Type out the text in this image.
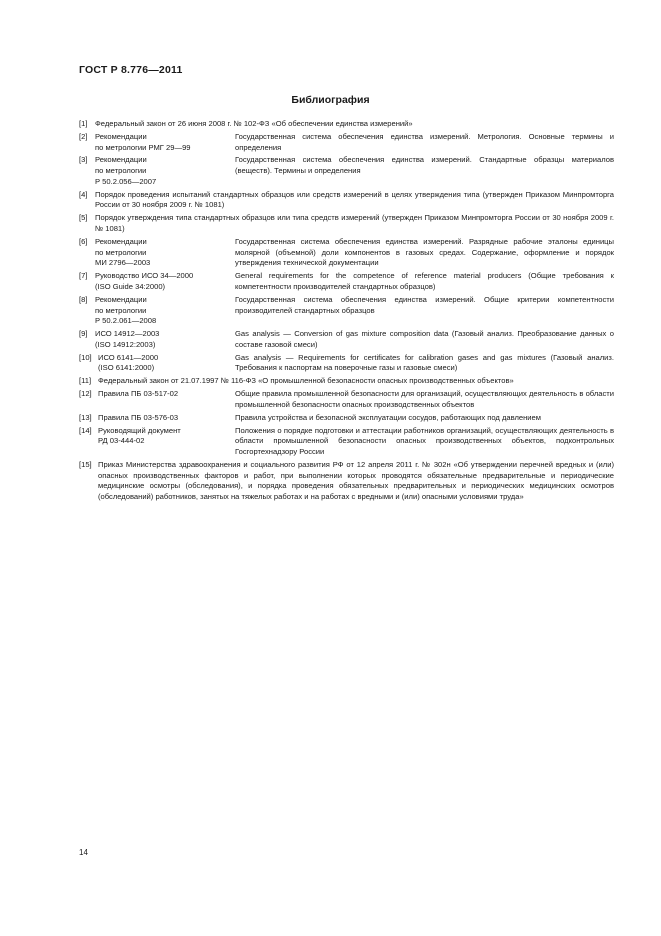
ГОСТ Р 8.776—2011
Библиография
[1] Федеральный закон от 26 июня 2008 г. № 102-ФЗ «Об обеспечении единства измерений»
[2] Рекомендации
по метрологии РМГ 29—99
Государственная система обеспечения единства измерений. Метрология. Основные термины и определения
[3] Рекомендации
по метрологии
Р 50.2.056—2007
Государственная система обеспечения единства измерений. Стандартные образцы материалов (веществ). Термины и определения
[4] Порядок проведения испытаний стандартных образцов или средств измерений в целях утверждения типа (утвержден Приказом Минпромторга России от 30 ноября 2009 г. № 1081)
[5] Порядок утверждения типа стандартных образцов или типа средств измерений (утвержден Приказом Минпромторга России от 30 ноября 2009 г. № 1081)
[6] Рекомендации
по метрологии
МИ 2796—2003
Государственная система обеспечения единства измерений. Разрядные рабочие эталоны единицы молярной (объемной) доли компонентов в газовых средах. Содержание, оформление и порядок утверждения технической документации
[7] Руководство ИСО 34—2000
(ISO Guide 34:2000)
General requirements for the competence of reference material producers (Общие требования к компетентности производителей стандартных образцов)
[8] Рекомендации
по метрологии
Р 50.2.061—2008
Государственная система обеспечения единства измерений. Общие критерии компетентности производителей стандартных образцов
[9] ИСО 14912—2003
(ISO 14912:2003)
Gas analysis — Conversion of gas mixture composition data (Газовый анализ. Преобразование данных о составе газовой смеси)
[10] ИСО 6141—2000
(ISO 6141:2000)
Gas analysis — Requirements for certificates for calibration gases and gas mixtures (Газовый анализ. Требования к паспортам на поверочные газы и газовые смеси)
[11] Федеральный закон от 21.07.1997 № 116-ФЗ «О промышленной безопасности опасных производственных объектов»
[12] Правила ПБ 03-517-02	Общие правила промышленной безопасности для организаций, осуществляющих деятельность в области промышленной безопасности опасных производственных объектов
[13] Правила ПБ 03-576-03	Правила устройства и безопасной эксплуатации сосудов, работающих под давлением
[14] Руководящий документ
РД 03-444-02
Положения о порядке подготовки и аттестации работников организаций, осуществляющих деятельность в области промышленной безопасности опасных производственных объектов, подконтрольных Госгортехнадзору России
[15] Приказ Министерства здравоохранения и социального развития РФ от 12 апреля 2011 г. № 302н «Об утверждении перечней вредных и (или) опасных производственных факторов и работ, при выполнении которых проводятся обязательные предварительные и периодические медицинские осмотры (обследования), и порядка проведения обязательных предварительных и периодических медицинских осмотров (обследований) работников, занятых на тяжелых работах и на работах с вредными и (или) опасными условиями труда»
14
